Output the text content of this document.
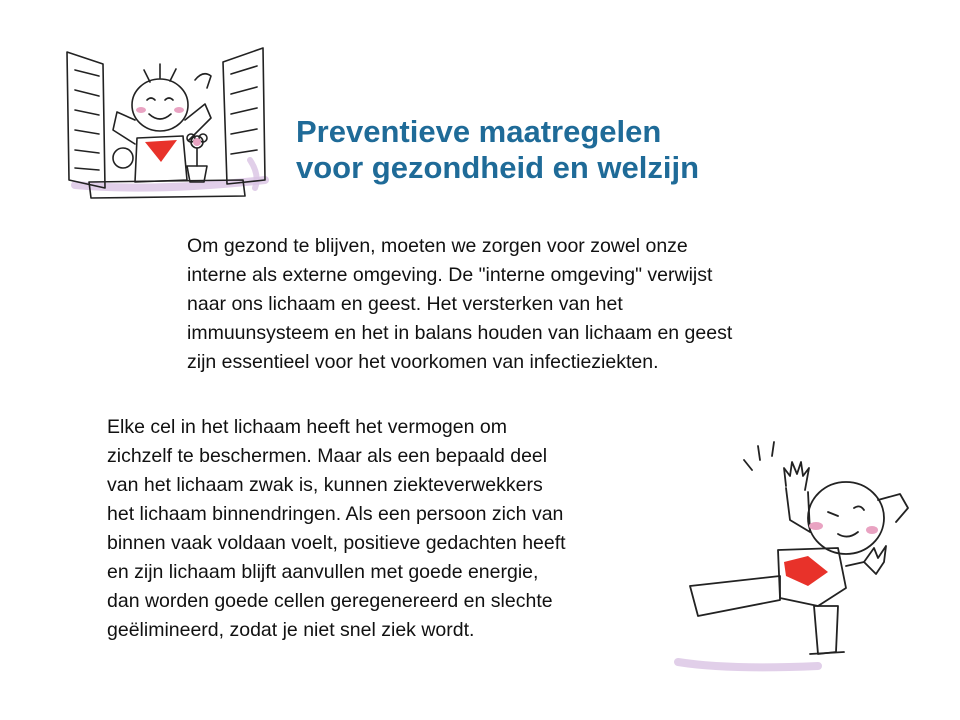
Preventieve maatregelen
voor gezondheid en welzijn

Om gezond te blijven, moeten we zorgen voor zowel onze
interne als externe omgeving. De "interne omgeving" verwijst
naar ons lichaam en geest. Het versterken van het
immuunsysteem en het in balans houden van lichaam en geest
zijn essentieel voor het voorkomen van infectieziekten.

Elke cel in het lichaam heeft het vermogen om
zichzelf te beschermen. Maar als een bepaald deel
van het lichaam zwak is, kunnen ziekteverwekkers
het lichaam binnendringen. Als een persoon zich van
binnen vaak voldaan voelt, positieve gedachten heeft
en zijn lichaam blijft aanvullen met goede energie,
dan worden goede cellen geregenereerd en slechte
geëlimineerd, zodat je niet snel ziek wordt.
